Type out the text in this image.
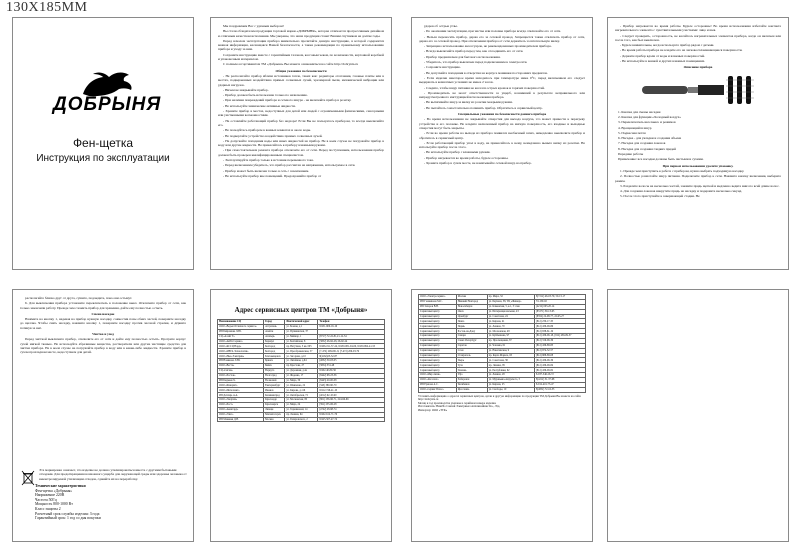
130X185MM
ДОБРЫНЯ
Фен-щетка
Инструкция по эксплуатации

Мы поздравляем Вас с удачным выбором!

Вы стали обладателем продукции торговой марки «ДОБРЫНЯ», которая отличается прогрессивным дизайном и отличным качеством исполнения. Мы уверены, что наша продукция станет Вашим спутником на долгие годы.

Перед началом эксплуатации прибора внимательно прочитайте данную инструкцию, в которой содержится важная информация, касающаяся Вашей безопасности, а также рекомендации по правильному использованию прибора и уходу за ним.

Сохраните инструкцию вместе с гарантийным талоном, кассовым чеком, по возможности, картонной коробкой и упаковочным материалом.

С полным ассортиментом ТМ «Добрыня» Вы можете ознакомиться на сайте http://dobrynia.ru

Общие указания по безопасности

- Не располагайте прибор вблизи источников тепла, таких как: радиаторы отопления, газовые плиты или в местах, подверженных воздействию прямых солнечных лучей, чрезмерной пыли, механической вибрации или ударных нагрузок.

- Ничем не накрывайте прибор.

- Прибор должен быть использован только по назначению.

- При наличии повреждений прибора и сетевого шнура - не включайте прибор в розетку.

- Не используйте химические активные жидкости.

- Храните прибор в местах, недоступных для детей или людей с ограниченными физическими, сенсорными или умственными возможностями.

- Не оставляйте работающий прибор без надзора! Если Вы не пользуетесь прибором, то всегда выключайте его.

- Не пользуйтесь прибором в ванных комнатах и около воды.

- Не подвергайте устройство воздействию прямых солнечных лучей.

- Не допускайте попадания воды или иных жидкостей на прибор. Не в коем случае не погружайте прибор в воду или другие жидкости. Не прикасайтесь к прибору влажными руками.

- При самостоятельном ремонте прибора отключите его от сети. Перед поступлением, использования прибор должен быть проверен квалифицированным специалистом.

- Эксплуатируйте прибор только в источник переменного тока.

- Перед включением убедитесь, что прибор рассчитан на напряжение, используемое в сети.

- Прибор может быть включен только в сеть с заземлением.

- Не используйте прибор вне помещений. Предохраняйте прибор от

ударов об острые углы.

- По окончании эксплуатации, при чистке или поломке прибора всегда отключайте его от сети.

- Нельзя переносить прибор, держа его за сетевой провод. Запрещается также отключать прибор от сети, держа его за сетевой провод. При отключении прибора от сети держитесь за штепсельную вилку.

- Запрещено использование аксессуаров, не рекомендованных производителем прибора.

- Всегда выключайте прибор перед тем, как отсоединить его от сети.

- Прибор предназначен для бытового использования.

- Убедитесь, что прибор выключен перед подключением к электросети.

- Сохраните инструкцию.

- Не допускайте попадания в отверстия на корпусе машинки посторонних предметов.

- Если изделие некоторое время находилось при температуре ниже 0°С, перед включением его следует выдержать в комнатных условиях не менее 2 часов.

- Следите, чтобы шнур питания не касался острых кромок и горячих поверхностей.

- Производитель не несет ответственности за ущерб, возникший в результате неправильного или непредусмотренного инструкцией использования прибора.

- Не вытягивайте шнур за вилку из розетки мокрыми руками.

- Не пытайтесь самостоятельно починить прибор. Обратитесь в сервисный центр.

Специальные указания по безопасности данного прибора

- Во время использования не закрывайте отверстия для выхода воздуха, это может привести к перегреву устройства и его поломке. Не кладите включенный прибор на мягкую поверхность, его входные и выходные отверстия могут быть закрыты.

- Если во время работы на выходе из прибора появился необычный запах, немедленно выключите прибор и обратитесь в сервисный центр.

- Если работающий прибор упал в воду, не прикасайтесь к нему, немедленно выньте вилку из розетки. Не используйте прибор после этого.

- Не используйте прибор с влажными руками.

- Прибор нагревается во время работы, будьте осторожны.

- Храните прибор в сухом месте, не наматывайте сетевой шнур на прибор.

- Прибор нагревается во время работы. Будьте осторожны! Во время использования избегайте контакта нагревательного элемента с чувствительными участками: лицо и шея.

- Следует проверять, осторожность, не касайтесь нагревательных элементов прибора, когда он включен или после того, как был выключен.

- Будьте внимательны, когда используете прибор рядом с детьми.

- Во время работы прибора не кладите его на легковоспламеняющиеся поверхности.

- Держите прибор вдали от воды и влажных поверхностей.

- Не используйте в ванной и других влажных помещениях.

Описание прибора

1. Кнопка для смены насадки

2. Кнопка для функции «Холодный воздух»

3. Переключатель вкл./выкл. и режимов

4. Вращающийся шнур

5. Подвесная петля

6. Насадка - для укладки и создания объема

7. Насадка для создания локонов

8. Насадка для создания гладких прядей

Передние работы

Примечание: все насадки должны быть чистыми и сухими.

При первом использовании удалите упаковку.

1. Прежде чем приступить к работе с прибором, нужно выбрать подходящую насадку.

2. Полностью размотайте шнур питания. Подключите прибор к сети. Нажмите кнопку включения, выберите режим.

3. Разделите волосы на несколько частей, зажмите прядь щеткой и медленно ведите вниз по всей длине волос.

4. Для создания локонов накрутите прядь на насадку и подержите несколько секунд.

5. После этого приступайте к завершающей стадии. Не

располагайте близко друг от друга, сушите, подождите, пока они остынут.

6. Для выключения прибора установите переключатель в положение выкл. Отключите прибор от сети, как только закончили работу. Прежде чем сложить прибор для хранения, дайте ему полностью остыть.

Смена насадок

Нажмите на кнопку 1, надевая на прибор нужную насадку, совместив пазы обеих частей, поверните насадку до щелчка. Чтобы снять насадку, нажмите кнопку 1, поверните насадку против часовой стрелки, и дёрните потянув за неё.

Чистка и уход

Перед чисткой выключите прибор, отключите его от сети и дайте ему полностью остыть. Протрите корпус сухой мягкой тканью. Не используйте абразивные вещества, растворители или другие чистящие средства для чистки прибора. Не в коем случае не погружайте прибор в воду или в какие-либо жидкости. Храните прибор в сухом прохладном месте, недоступном для детей.

Эта маркировка означает, что изделие не должно утилизироваться вместе с другими бытовыми отходами. Для предотвращения возможного ущерба для окружающей среды или здоровья человека от неконтролируемой утилизации отходов, сдавайте их на переработку.

Технические характеристики
Фен-щетка «Добрыня»
Напряжение 220В
Частота 50Гц
Мощность 800-1000 Вт
Класс защиты 2
Расчетный срок службы изделия: 3 года
Гарантийный срок: 1 год со дня покупки
Адрес сервисных центров ТМ «Добрыня»
Наименование СЦ	Город	Фактический адрес	Телефон
ООО «Ведьм Отличного сервиса»	Астрахань	ул. Боевая, д.1	8-951-900-16-16
ИП Байрамова Л.Ю.	Алейск	ул. Пушкинская, 37	
СЦ «Алайт Т»	Алатырь	ул. Мейнар, 1	(8717) 72-22-81,21-12-54
ООО «АйТи Сервис»	Барнаул	ул. Балтийская, 8	(3852) 26-92-28, 26-92-24
ООО «КССЦ Норд»	Белгород	пр. Ватутина, 3 кв. 005	8-906-191-57-24, 8-930-081-04-06, 8-950-992-41-55
ООО «МЕГА Технологии»	Белгород	ул. Преображенская, 57	(7-472) 209-001-8, (7-472) 209-03-79
ООО «Нью-Электрик»	Благовещенск	ул. Загорная, д.10	8(4162)23-52-87
ИП Новикова Л.Ю.	Брянск	ул. Литейная, д.64	(4832) 50-03-05
ООО «Веста»	Бийск	пр. Брестова, 27	(3854) 331-48
СЦ «Сигма»	Воркута	ул. Дорожная, д.4а	8-902-40-80-36
ООО «Росток»	Волгоград	ул. Фадеева, 17	(8442) 98-23-36
ИП Бадмаев Х.	Волжский	ул. Мира, 30	(8443) 20-00-08
ООО «Фаворит»	Екатеринбург	ул. Шевченко, 22	(343) 380-90-70
ООО «Интеллект»	Ижевск	ул. Кирова, д.116	8-912-746-41-10
ИП Дехтярь А.А.	Калининград	ул. Октябрьская, 72	(4012) 92-10-90
ООО «Энергия»	Краснодар	ул. Московская, 80	(861) 236-96-71, 224-96-66
ООО «Рост»	Красноярск	ул. Мира, 24	(391) 255-06-28
ООО «Авангард»	Липецк	ул. Терешковой, 14	(4742) 28-98-74
ООО «Элис»	Магнитогорск	пр. Ленина, 64	8-902-612-71-76
ИП Манкиев Д.В.	Москва	ул. Гиляровского, 2	8-925-507-47-74
ООО «Электросервис»	Москва	пр. Мира, 32	8(7212) 46-03-79, 50-13-17
ИП Ганжинова М.С.	Нижний Новгород	ул. Баумана, 38, ТЦ «Фишер»	53-159-02
ИП Захаров В.Н.	Новосибирск	ул. Каменская, 5, к.1, 3 этаж	(4212) 603-20-14
Сервисный центр	Омск	ул. Интернациональная, 43	(83171) 39-13-65
Сервисный центр	Оренбург	ул. Советская, 24	(8352) 22-98-77, 22-95-27
Сервисный центр	Пенза	ул. Кирова, 41	(812) 230-17-35
Сервисный центр	Пермь	ул. Ленина, 70	(812) 436-09-86
Сервисный центр	Ростов-на-Дону	ул. Московская, 48	(812) 938-61-19
Сервисный центр	Самара	ул. Куйбышева, 97	(812) 436-06-18, (812) 436-09-37
Сервисный центр	Санкт-Петербург	пр. Просвещения, 87	(812) 319-06-36
Сервисный центр	Саратов	ул. Чапаева, 61	(812) 436-88-83
Сервисный центр	Сочи	ул. Навагинская, 9	(812) 974-32-57
Сервисный центр	Ставрополь	пр. Карла Маркса, 65	(812) 988-88-08
Сервисный центр	Тверь	ул. Советская, 38	(812) 436-06-36
Сервисный центр	Тула	пр. Ленина, 85	(812) 436-09-84
Сервисный центр	Тюмень	ул. Республики, 62	(812) 436-09-82
ООО «Мир связи»	Уфа	ул. Ленина, 28	8-937-346-26-72
ООО «Абсолют»	Хабаровск	ул. Муравьева-Амурского, 3	8(4212) 31-37-68
ИП Ершова А.С.	Челябинск	ул. Кирова, 25	8-912-401-73-47
ООО «Сервис Плюс»	Ярославль	ул. Свободы, 10	8(4852) 72-16-33

Уточнить информацию о адресах сервисных центров, орган и другую информацию по продукции ТМ Добрыня Вы можете на сайте http://dobrynia.ru

Месяц и год производства указаны в серийном номере изделия.

Изготовитель: НингБо Санхай Электрикал Аппликэйшнс Ко., Лтд.

Импортер: ООО «ТТК»
